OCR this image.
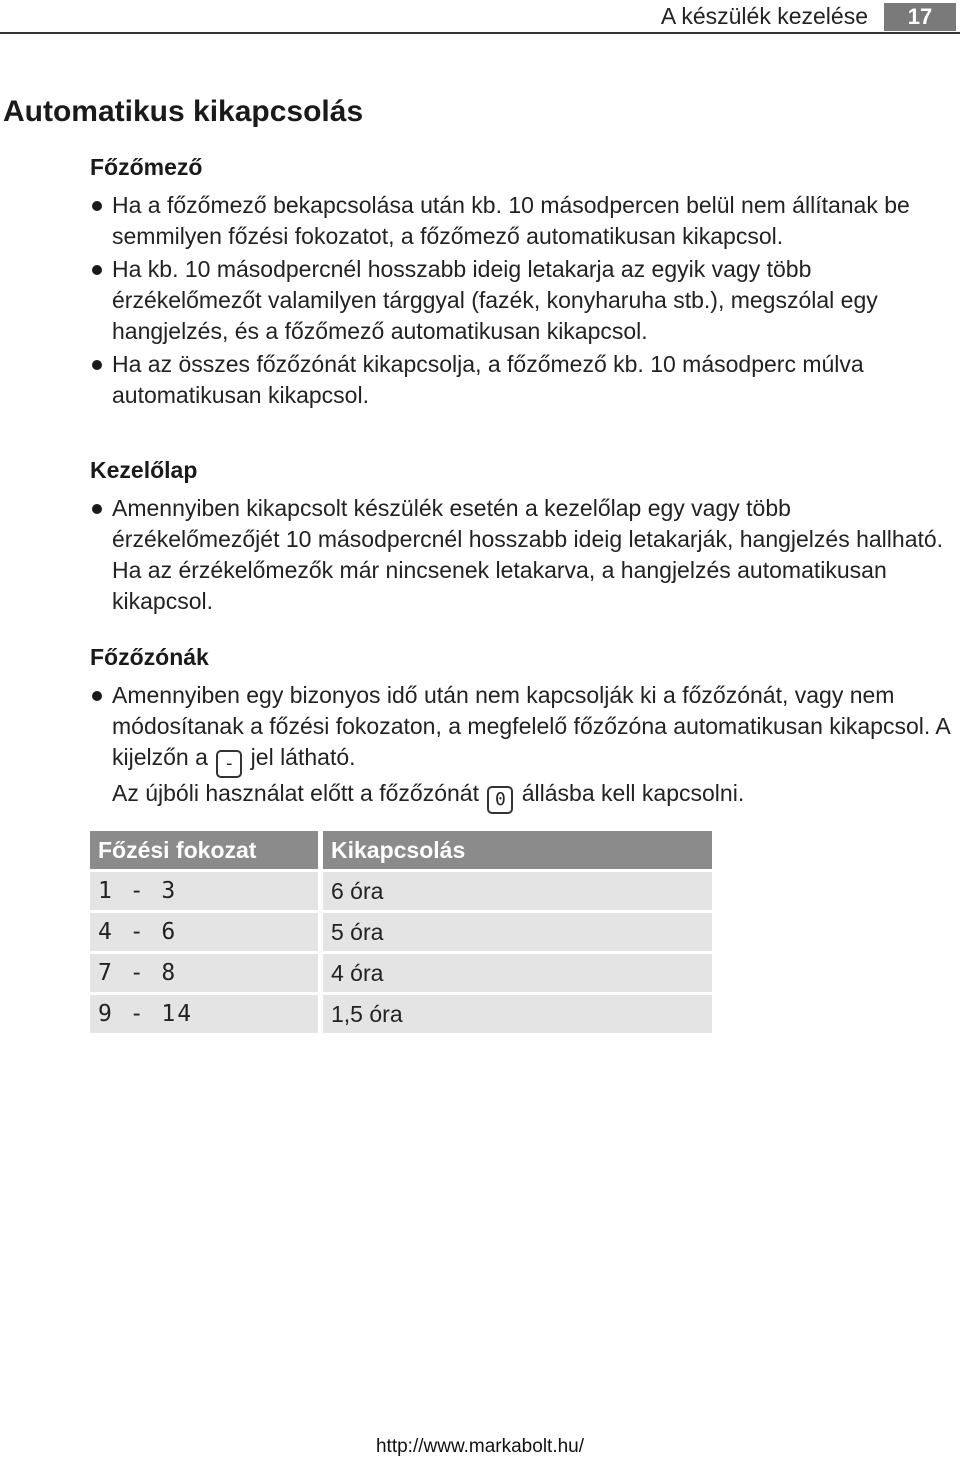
A készülék kezelése	17
Automatikus kikapcsolás
Főzőmező
Ha a főzőmező bekapcsolása után kb. 10 másodpercen belül nem állítanak be semmilyen főzési fokozatot, a főzőmező automatikusan kikapcsol.
Ha kb. 10 másodpercnél hosszabb ideig letakarja az egyik vagy több érzékelőmezőt valamilyen tárggyal (fazék, konyharuha stb.), megszólal egy hangjelzés, és a főzőmező automatikusan kikapcsol.
Ha az összes főzőzónát kikapcsolja, a főzőmező kb. 10 másodperc múlva automatikusan kikapcsol.
Kezelőlap
Amennyiben kikapcsolt készülék esetén a kezelőlap egy vagy több érzékelőmezőjét 10 másodpercnél hosszabb ideig letakarják, hangjelzés hallható. Ha az érzékelőmezők már nincsenek letakarva, a hangjelzés automatikusan kikapcsol.
Főzőzónák
Amennyiben egy bizonyos idő után nem kapcsolják ki a főzőzónát, vagy nem módosítanak a főzési fokozaton, a megfelelő főzőzóna automatikusan kikapcsol. A kijelzőn a - jel látható.
Az újbóli használat előtt a főzőzónát 0 állásba kell kapcsolni.
Főzési fokozat		Kikapcsolás
1 - 3		6 óra
4 - 6		5 óra
7 - 8		4 óra
9 - 14		1,5 óra
http://www.markabolt.hu/
